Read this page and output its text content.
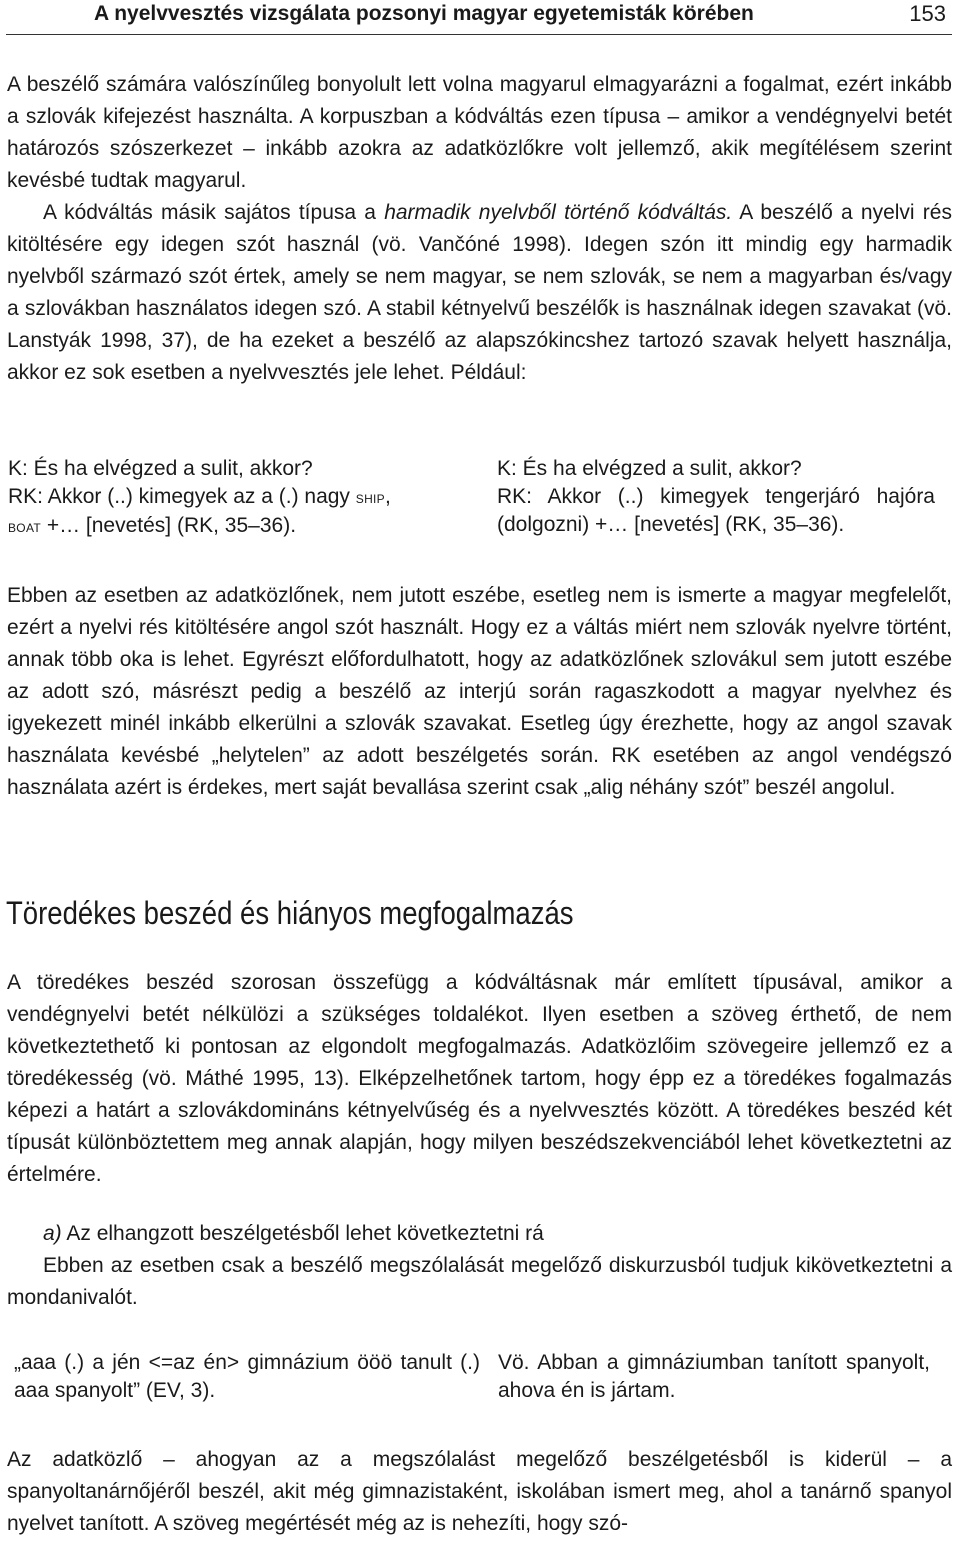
A nyelvvesztés vizsgálata pozsonyi magyar egyetemisták körében	153

A beszélő számára valószínűleg bonyolult lett volna magyarul elmagyarázni a fogalmat, ezért inkább a szlovák kifejezést használta. A korpuszban a kódváltás ezen típusa – amikor a vendégnyelvi betét határozós szószerkezet – inkább azokra az adatközlőkre volt jellemző, akik megítélésem szerint kevésbé tudtak magyarul.

A kódváltás másik sajátos típusa a harmadik nyelvből történő kódváltás. A beszélő a nyelvi rés kitöltésére egy idegen szót használ (vö. Vančóné 1998). Idegen szón itt mindig egy harmadik nyelvből származó szót értek, amely se nem magyar, se nem szlovák, se nem a magyarban és/vagy a szlovákban használatos idegen szó. A stabil kétnyelvű beszélők is használnak idegen szavakat (vö. Lanstyák 1998, 37), de ha ezeket a beszélő az alapszókincshez tartozó szavak helyett használja, akkor ez sok esetben a nyelvvesztés jele lehet. Például:

K: És ha elvégzed a sulit, akkor?
RK: Akkor (..) kimegyek az a (.) nagy ship,
boat +… [nevetés] (RK, 35–36).
K: És ha elvégzed a sulit, akkor?
RK: Akkor (..) kimegyek tengerjáró hajóra (dolgozni) +… [nevetés] (RK, 35–36).

Ebben az esetben az adatközlőnek, nem jutott eszébe, esetleg nem is ismerte a magyar megfelelőt, ezért a nyelvi rés kitöltésére angol szót használt. Hogy ez a váltás miért nem szlovák nyelvre történt, annak több oka is lehet. Egyrészt előfordulhatott, hogy az adatközlőnek szlovákul sem jutott eszébe az adott szó, másrészt pedig a beszélő az interjú során ragaszkodott a magyar nyelvhez és igyekezett minél inkább elkerülni a szlovák szavakat. Esetleg úgy érezhette, hogy az angol szavak használata kevésbé „helytelen” az adott beszélgetés során. RK esetében az angol vendégszó használata azért is érdekes, mert saját bevallása szerint csak „alig néhány szót” beszél angolul.

Töredékes beszéd és hiányos megfogalmazás

A töredékes beszéd szorosan összefügg a kódváltásnak már említett típusával, amikor a vendégnyelvi betét nélkülözi a szükséges toldalékot. Ilyen esetben a szöveg érthető, de nem következtethető ki pontosan az elgondolt megfogalmazás. Adatközlőim szövegeire jellemző ez a töredékesség (vö. Máthé 1995, 13). Elképzelhetőnek tartom, hogy épp ez a töredékes fogalmazás képezi a határt a szlovákdomináns kétnyelvűség és a nyelvvesztés között. A töredékes beszéd két típusát különböztettem meg annak alapján, hogy milyen beszédszekvenciából lehet következtetni az értelmére.

a) Az elhangzott beszélgetésből lehet következtetni rá

Ebben az esetben csak a beszélő megszólalását megelőző diskurzusból tudjuk kikövetkeztetni a mondanivalót.

„aaa (.) a jén <=az én> gimnázium ööö tanult (.) aaa spanyolt” (EV, 3).
Vö. Abban a gimnáziumban tanított spanyolt, ahova én is jártam.

Az adatközlő – ahogyan az a megszólalást megelőző beszélgetésből is kiderül – a spanyoltanárnőjéről beszél, akit még gimnazistaként, iskolában ismert meg, ahol a tanárnő spanyol nyelvet tanított. A szöveg megértését még az is nehezíti, hogy szó-
